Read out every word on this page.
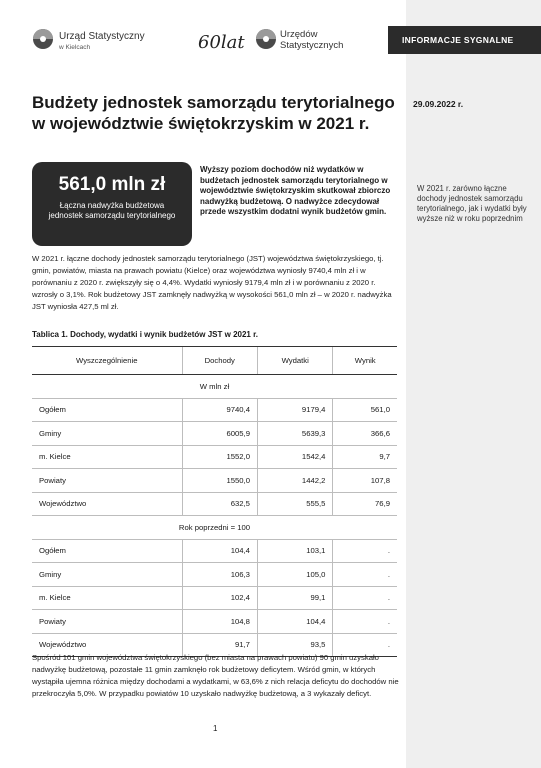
Urząd Statystyczny
w Kielcach	60lat	Urzędów Statystycznych	INFORMACJE SYGNALNE
Budżety jednostek samorządu terytorialnego
w województwie świętokrzyskim w 2021 r.
29.09.2022 r.
561,0 mln zł
Łączna nadwyżka budżetowa jednostek samorządu terytorialnego
Wyższy poziom dochodów niż wydatków w budżetach jednostek samorządu terytorialnego w województwie świętokrzyskim skutkował zbiorczo nadwyżką budżetową. O nadwyżce zdecydował przede wszystkim dodatni wynik budżetów gmin.
W 2021 r. zarówno łączne dochody jednostek samorządu terytorialnego, jak i wydatki były wyższe niż w roku poprzednim
W 2021 r. łączne dochody jednostek samorządu terytorialnego (JST) województwa świętokrzyskiego, tj. gmin, powiatów, miasta na prawach powiatu (Kielce) oraz województwa wyniosły 9740,4 mln zł i w porównaniu z 2020 r. zwiększyły się o 4,4%. Wydatki wyniosły 9179,4 mln zł i w porównaniu z 2020 r. wzrosły o 3,1%. Rok budżetowy JST zamknęły nadwyżką w wysokości 561,0 mln zł – w 2020 r. nadwyżka JST wyniosła 427,5 ml zł.
Tablica 1. Dochody, wydatki i wynik budżetów JST w 2021 r.
Wyszczególnienie	Dochody	Wydatki	Wynik
W mln zł			
Ogółem	9740,4	9179,4	561,0
Gminy	6005,9	5639,3	366,6
m. Kielce	1552,0	1542,4	9,7
Powiaty	1550,0	1442,2	107,8
Województwo	632,5	555,5	76,9
Rok poprzedni = 100			
Ogółem	104,4	103,1	.
Gminy	106,3	105,0	.
m. Kielce	102,4	99,1	.
Powiaty	104,8	104,4	.
Województwo	91,7	93,5	.
Spośród 101 gmin województwa świętokrzyskiego (bez miasta na prawach powiatu) 90 gmin uzyskało nadwyżkę budżetową, pozostałe 11 gmin zamknęło rok budżetowy deficytem. Wśród gmin, w których wystąpiła ujemna różnica między dochodami a wydatkami, w 63,6% z nich relacja deficytu do dochodów nie przekroczyła 5,0%. W przypadku powiatów 10 uzyskało nadwyżkę budżetową, a 3 wykazały deficyt.
1
